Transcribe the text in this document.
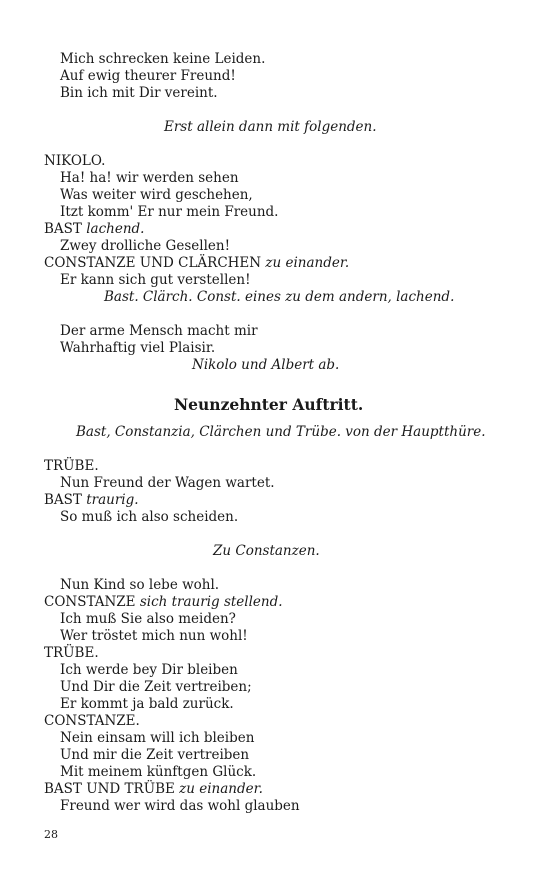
Mich schrecken keine Leiden.
Auf ewig theurer Freund!
Bin ich mit Dir vereint.
Erst allein dann mit folgenden.
NIKOLO.
Ha! ha! wir werden sehen
Was weiter wird geschehen,
Itzt komm' Er nur mein Freund.
BAST lachend.
Zwey drolliche Gesellen!
CONSTANZE UND CLÄRCHEN zu einander.
Er kann sich gut verstellen!
Bast. Clärch. Const. eines zu dem andern, lachend.
Der arme Mensch macht mir
Wahrhaftig viel Plaisir.
Nikolo und Albert ab.
Neunzehnter Auftritt.
Bast, Constanzia, Clärchen und Trübe. von der Hauptthüre.
TRÜBE.
Nun Freund der Wagen wartet.
BAST traurig.
So muß ich also scheiden.
Zu Constanzen.
Nun Kind so lebe wohl.
CONSTANZE sich traurig stellend.
Ich muß Sie also meiden?
Wer tröstet mich nun wohl!
TRÜBE.
Ich werde bey Dir bleiben
Und Dir die Zeit vertreiben;
Er kommt ja bald zurück.
CONSTANZE.
Nein einsam will ich bleiben
Und mir die Zeit vertreiben
Mit meinem künftgen Glück.
BAST UND TRÜBE zu einander.
Freund wer wird das wohl glauben
28
